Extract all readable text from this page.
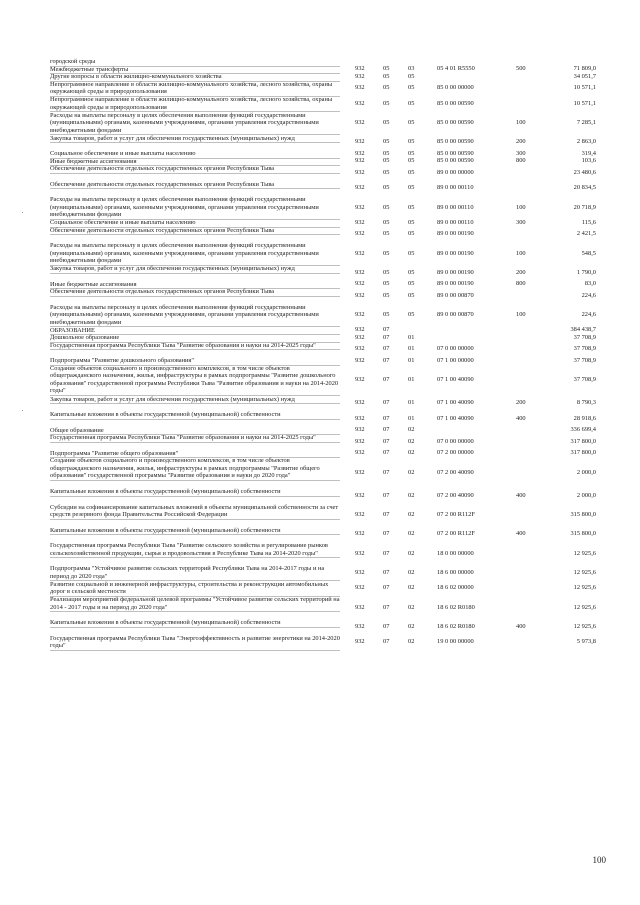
городской среды
Межбюджетные трансферты	932	05	03	05 4 01 R5550	500	71 809,0
Другие вопросы в области жилищно-коммунального хозяйства	932	05	05	34 051,7
Непрограммное направление в области жилищно-коммунального хозяйства, лесного хозяйства, охраны окружающей среды и природопользования
932	05	05	85 0 00 00000	10 571,1
Непрограммное направление в области жилищно-коммунального хозяйства, лесного хозяйства, охраны окружающей среды и природопользования
932	05	05	85 0 00 00590	10 571,1
Расходы на выплаты персоналу в целях обеспечения выполнения функций государственными (муниципальными) органами, казенными учреждениями, органами управления государственными внебюджетными фондами
932	05	05	85 0 00 00590	100	7 285,1
Закупка товаров, работ и услуг для обеспечения государственных (муниципальных) нужд
932	05	05	85 0 00 00590	200	2 863,0
Социальное обеспечение и иные выплаты населению	932	05	05	85 0 00 00590	300	319,4
Иные бюджетные ассигнования	932	05	05	85 0 00 00590	800	103,6
Обеспечение деятельности отдельных государственных органов Республики Тыва
932	05	05	89 0 00 00000	23 480,6
Обеспечение деятельности отдельных государственных органов Республики Тыва
932	05	05	89 0 00 00110	20 834,5
Расходы на выплаты персоналу в целях обеспечения выполнения функций государственными (муниципальными) органами, казенными учреждениями, органами управления государственными внебюджетными фондами
932	05	05	89 0 00 00110	100	20 718,9
Социальное обеспечение и иные выплаты населению	932	05	05	89 0 00 00110	300	115,6
Обеспечение деятельности отдельных государственных органов Республики Тыва
932	05	05	89 0 00 00190	2 421,5
Расходы на выплаты персоналу в целях обеспечения выполнения функций государственными (муниципальными) органами, казенными учреждениями, органами управления государственными внебюджетными фондами
932	05	05	89 0 00 00190	100	548,5
Закупка товаров, работ и услуг для обеспечения государственных (муниципальных) нужд
932	05	05	89 0 00 00190	200	1 790,0
Иные бюджетные ассигнования	932	05	05	89 0 00 00190	800	83,0
Обеспечение деятельности отдельных государственных органов Республики Тыва
932	05	05	89 0 00 00870	224,6
Расходы на выплаты персоналу в целях обеспечения выполнения функций государственными (муниципальными) органами, казенными учреждениями, органами управления государственными внебюджетными фондами
932	05	05	89 0 00 00870	100	224,6
ОБРАЗОВАНИЕ	932	07	384 438,7
Дошкольное образование	932	07	01	37 708,9
Государственная программа Республики Тыва "Развитие образования и науки на 2014-2025 годы"
932	07	01	07 0 00 00000	37 708,9
Подпрограмма "Развитие дошкольного образования"	932	07	01	07 1 00 00000	37 708,9
Создание объектов социального и производственного комплексов, в том числе объектов общегражданского назначения, жилья, инфраструктуры в рамках подпрограммы "Развитие дошкольного образования" государственной программы Республики Тыва "Развитие образования и науки на 2014-2020 годы"
932	07	01	07 1 00 40090	37 708,9
Закупка товаров, работ и услуг для обеспечения государственных (муниципальных) нужд
932	07	01	07 1 00 40090	200	8 790,3
Капитальные вложения в объекты государственной (муниципальной) собственности
932	07	01	07 1 00 40090	400	28 918,6
Общее образование	932	07	02	336 699,4
Государственная программа Республики Тыва "Развитие образования и науки на 2014-2025 годы"
932	07	02	07 0 00 00000	317 800,0
Подпрограмма "Развитие общего образования"	932	07	02	07 2 00 00000	317 800,0
Создание объектов социального и производственного комплексов, в том числе объектов общегражданского назначения, жилья, инфраструктуры в рамках подпрограммы "Развитие общего образования" государственной программы "Развитие образования и науки до 2020 года"	932	07	02	07 2 00 40090	2 000,0
Капитальные вложения в объекты государственной (муниципальной) собственности
932	07	02	07 2 00 40090	400	2 000,0
Субсидии на софинансирование капитальных вложений в объекты муниципальной собственности за счет средств резервного фонда Правительства Российской Федерации	932	07	02	07 2 00 R112F	315 800,0
Капитальные вложения в объекты государственной (муниципальной) собственности
932	07	02	07 2 00 R112F	400	315 800,0
Государственная программа Республики Тыва "Развитие сельского хозяйства и регулирование рынков сельскохозяйственной продукции, сырья и продовольствия в Республике Тыва на 2014-2020 годы"	932	07	02	18 0 00 00000	12 925,6
Подпрограмма "Устойчивое развитие сельских территорий Республики Тыва на 2014-2017 годы и на период до 2020 года"
932	07	02	18 6 00 00000	12 925,6
Развитие социальной и инженерной инфраструктуры, строительства и реконструкции автомобильных дорог в сельской местности
932	07	02	18 6 02 00000	12 925,6
Реализация мероприятий федеральной целевой программы "Устойчивое развитие сельских территорий на 2014 - 2017 годы и на период до 2020 года"	932	07	02	18 6 02 R0180	12 925,6
Капитальные вложения в объекты государственной (муниципальной) собственности
932	07	02	18 6 02 R0180	400	12 925,6
Государственная программа Республики Тыва "Энергоэффективность и развитие энергетики на 2014-2020 годы"
932	07	02	19 0 00 00000	5 973,8
100
